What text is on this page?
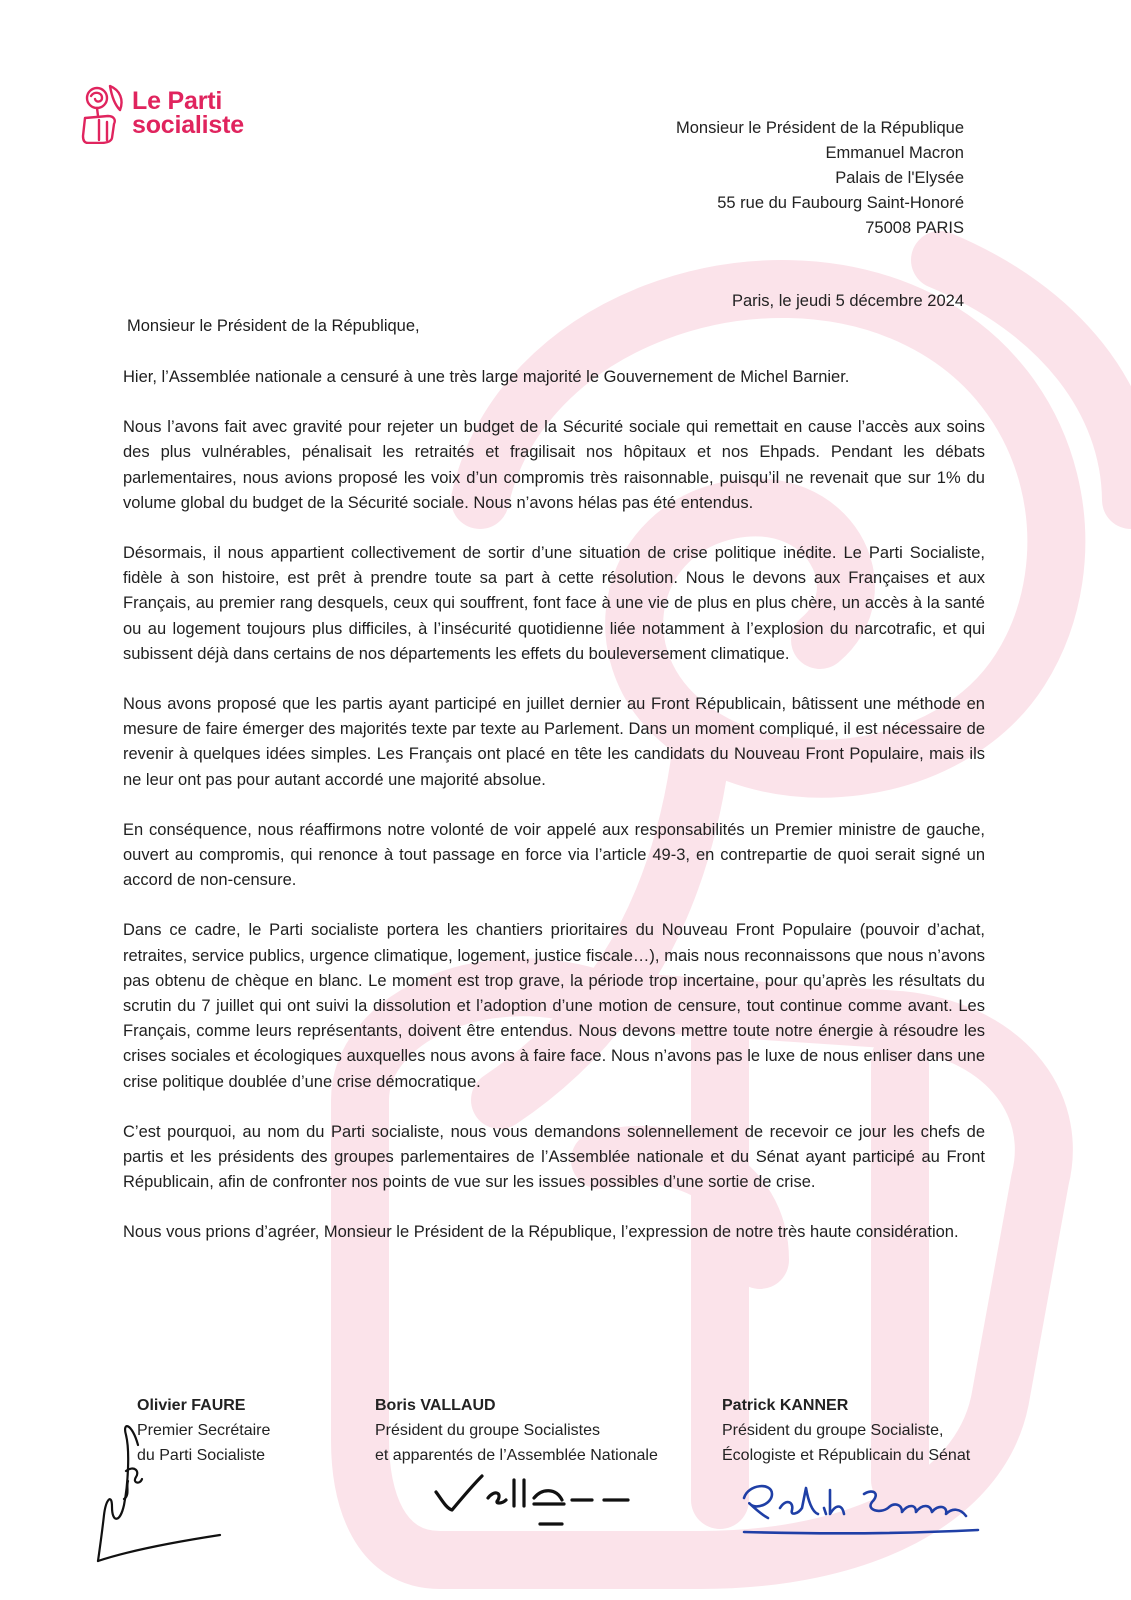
Le Parti
socialiste	Monsieur le Président de la République
Emmanuel Macron
Palais de l'Elysée
55 rue du Faubourg Saint-Honoré
75008 PARIS
Paris, le jeudi 5 décembre 2024
Monsieur le Président de la République,

Hier, l’Assemblée nationale a censuré à une très large majorité le Gouvernement de Michel Barnier.

Nous l’avons fait avec gravité pour rejeter un budget de la Sécurité sociale qui remettait en cause l’accès aux soins des plus vulnérables, pénalisait les retraités et fragilisait nos hôpitaux et nos Ehpads. Pendant les débats parlementaires, nous avions proposé les voix d’un compromis très raisonnable, puisqu’il ne revenait que sur 1% du volume global du budget de la Sécurité sociale. Nous n’avons hélas pas été entendus.

Désormais, il nous appartient collectivement de sortir d’une situation de crise politique inédite. Le Parti Socialiste, fidèle à son histoire, est prêt à prendre toute sa part à cette résolution. Nous le devons aux Françaises et aux Français, au premier rang desquels, ceux qui souffrent, font face à une vie de plus en plus chère, un accès à la santé ou au logement toujours plus difficiles, à l’insécurité quotidienne liée notamment à l’explosion du narcotrafic, et qui subissent déjà dans certains de nos départements les effets du bouleversement climatique.

Nous avons proposé que les partis ayant participé en juillet dernier au Front Républicain, bâtissent une méthode en mesure de faire émerger des majorités texte par texte au Parlement. Dans un moment compliqué, il est nécessaire de revenir à quelques idées simples. Les Français ont placé en tête les candidats du Nouveau Front Populaire, mais ils ne leur ont pas pour autant accordé une majorité absolue.

En conséquence, nous réaffirmons notre volonté de voir appelé aux responsabilités un Premier ministre de gauche, ouvert au compromis, qui renonce à tout passage en force via l’article 49-3, en contrepartie de quoi serait signé un accord de non-censure.

Dans ce cadre, le Parti socialiste portera les chantiers prioritaires du Nouveau Front Populaire (pouvoir d’achat, retraites, service publics, urgence climatique, logement, justice fiscale…), mais nous reconnaissons que nous n’avons pas obtenu de chèque en blanc. Le moment est trop grave, la période trop incertaine, pour qu’après les résultats du scrutin du 7 juillet qui ont suivi la dissolution et l’adoption d’une motion de censure, tout continue comme avant. Les Français, comme leurs représentants, doivent être entendus. Nous devons mettre toute notre énergie à résoudre les crises sociales et écologiques auxquelles nous avons à faire face. Nous n’avons pas le luxe de nous enliser dans une crise politique doublée d’une crise démocratique.

C’est pourquoi, au nom du Parti socialiste, nous vous demandons solennellement de recevoir ce jour les chefs de partis et les présidents des groupes parlementaires de l’Assemblée nationale et du Sénat ayant participé au Front Républicain, afin de confronter nos points de vue sur les issues possibles d’une sortie de crise.

Nous vous prions d’agréer, Monsieur le Président de la République, l’expression de notre très haute considération.

Olivier FAURE
Premier Secrétaire
du Parti Socialiste
Boris VALLAUD
Président du groupe Socialistes
et apparentés de l’Assemblée Nationale
Patrick KANNER
Président du groupe Socialiste,
Écologiste et Républicain du Sénat
